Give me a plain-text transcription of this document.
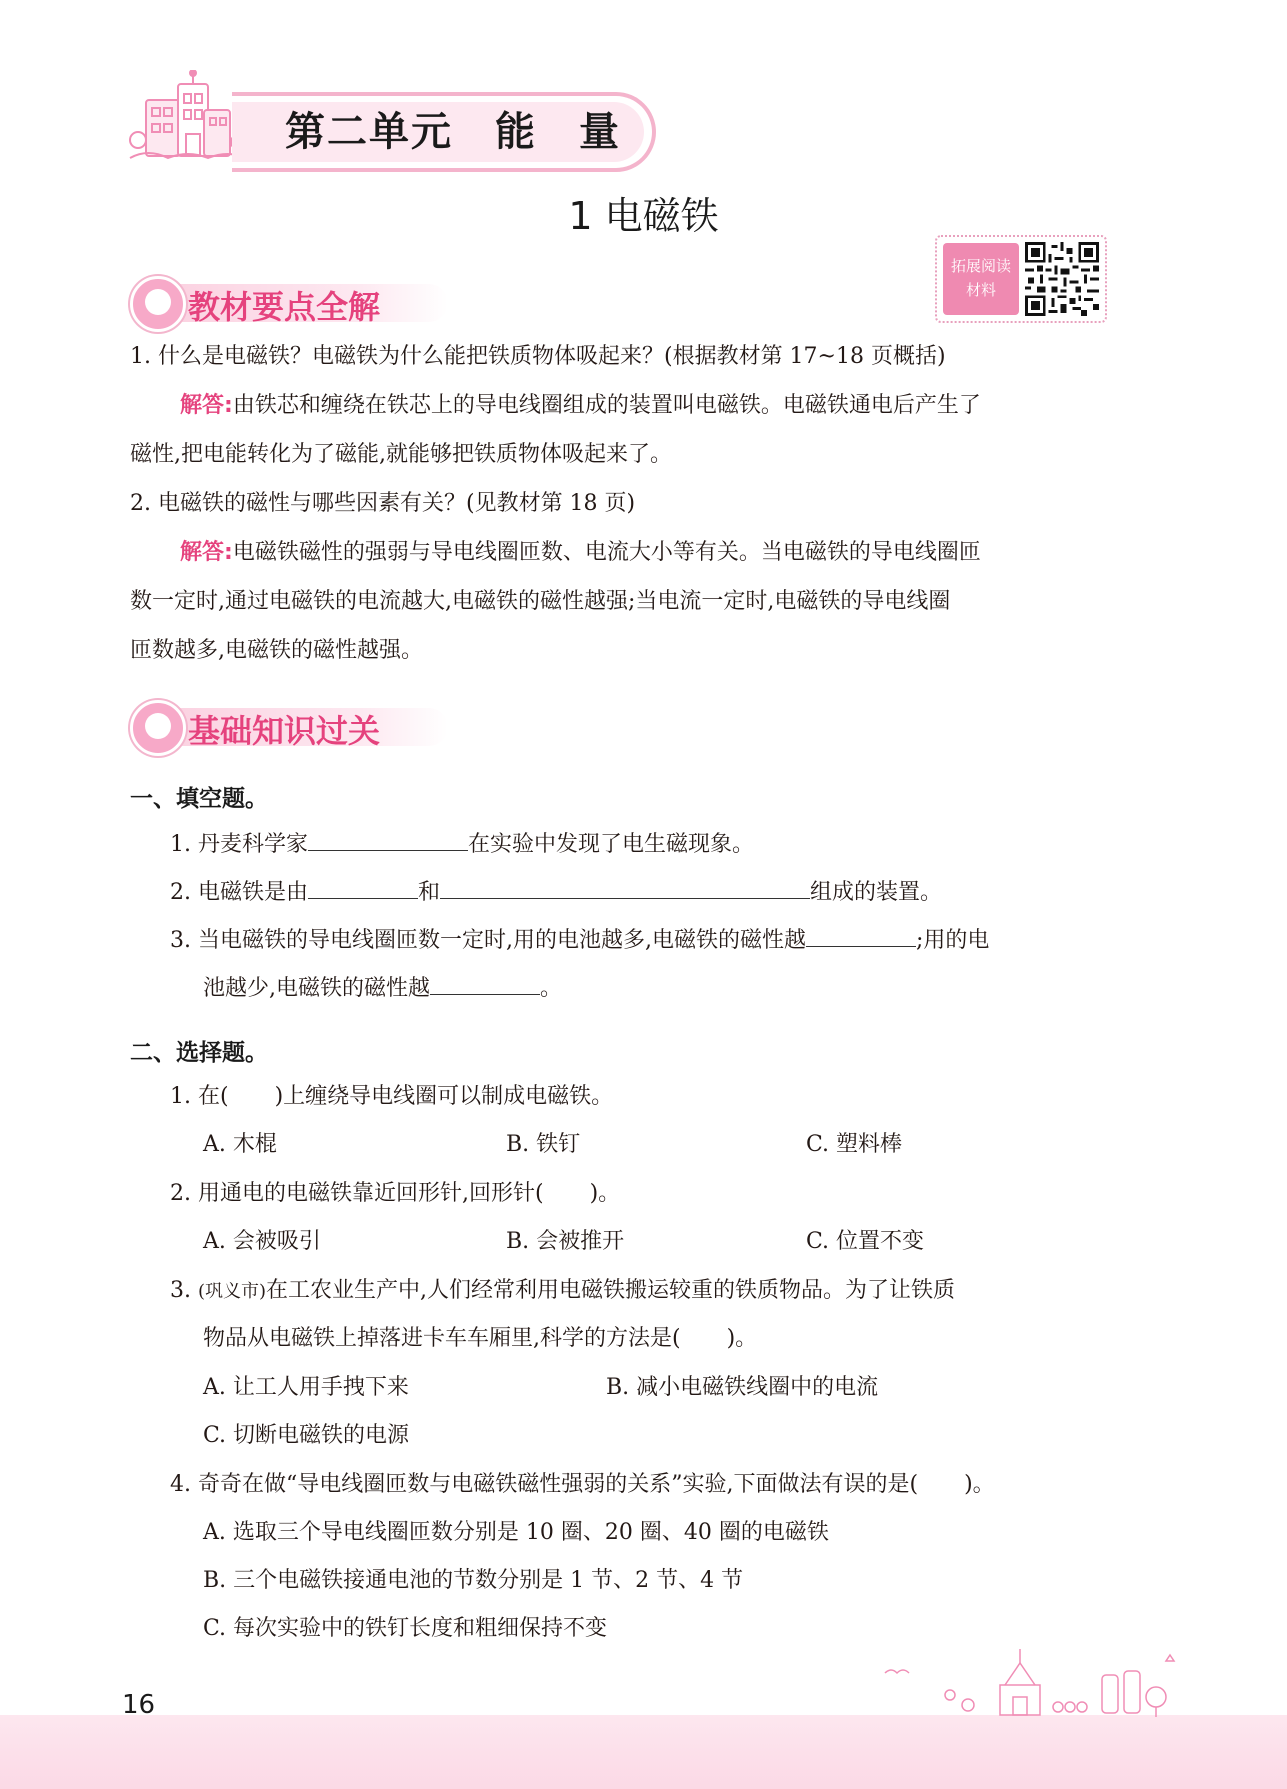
第二单元　能　量
1 电磁铁
拓展阅读
材料
教材要点全解
1. 什么是电磁铁？电磁铁为什么能把铁质物体吸起来？(根据教材第 17~18 页概括)
解答:由铁芯和缠绕在铁芯上的导电线圈组成的装置叫电磁铁。电磁铁通电后产生了
磁性,把电能转化为了磁能,就能够把铁质物体吸起来了。
2. 电磁铁的磁性与哪些因素有关？(见教材第 18 页)
解答:电磁铁磁性的强弱与导电线圈匝数、电流大小等有关。当电磁铁的导电线圈匝
数一定时,通过电磁铁的电流越大,电磁铁的磁性越强;当电流一定时,电磁铁的导电线圈
匝数越多,电磁铁的磁性越强。
基础知识过关
一、填空题。
1. 丹麦科学家	在实验中发现了电生磁现象。
2. 电磁铁是由	和	组成的装置。
3. 当电磁铁的导电线圈匝数一定时,用的电池越多,电磁铁的磁性越	;用的电
池越少,电磁铁的磁性越	。
二、选择题。
1. 在( )上缠绕导电线圈可以制成电磁铁。
A. 木棍	B. 铁钉	C. 塑料棒
2. 用通电的电磁铁靠近回形针,回形针( )。
A. 会被吸引	B. 会被推开	C. 位置不变
3. (巩义市)在工农业生产中,人们经常利用电磁铁搬运较重的铁质物品。为了让铁质
物品从电磁铁上掉落进卡车车厢里,科学的方法是( )。
A. 让工人用手拽下来	B. 减小电磁铁线圈中的电流
C. 切断电磁铁的电源
4. 奇奇在做“导电线圈匝数与电磁铁磁性强弱的关系”实验,下面做法有误的是( )。
A. 选取三个导电线圈匝数分别是 10 圈、20 圈、40 圈的电磁铁
B. 三个电磁铁接通电池的节数分别是 1 节、2 节、4 节
C. 每次实验中的铁钉长度和粗细保持不变
16
